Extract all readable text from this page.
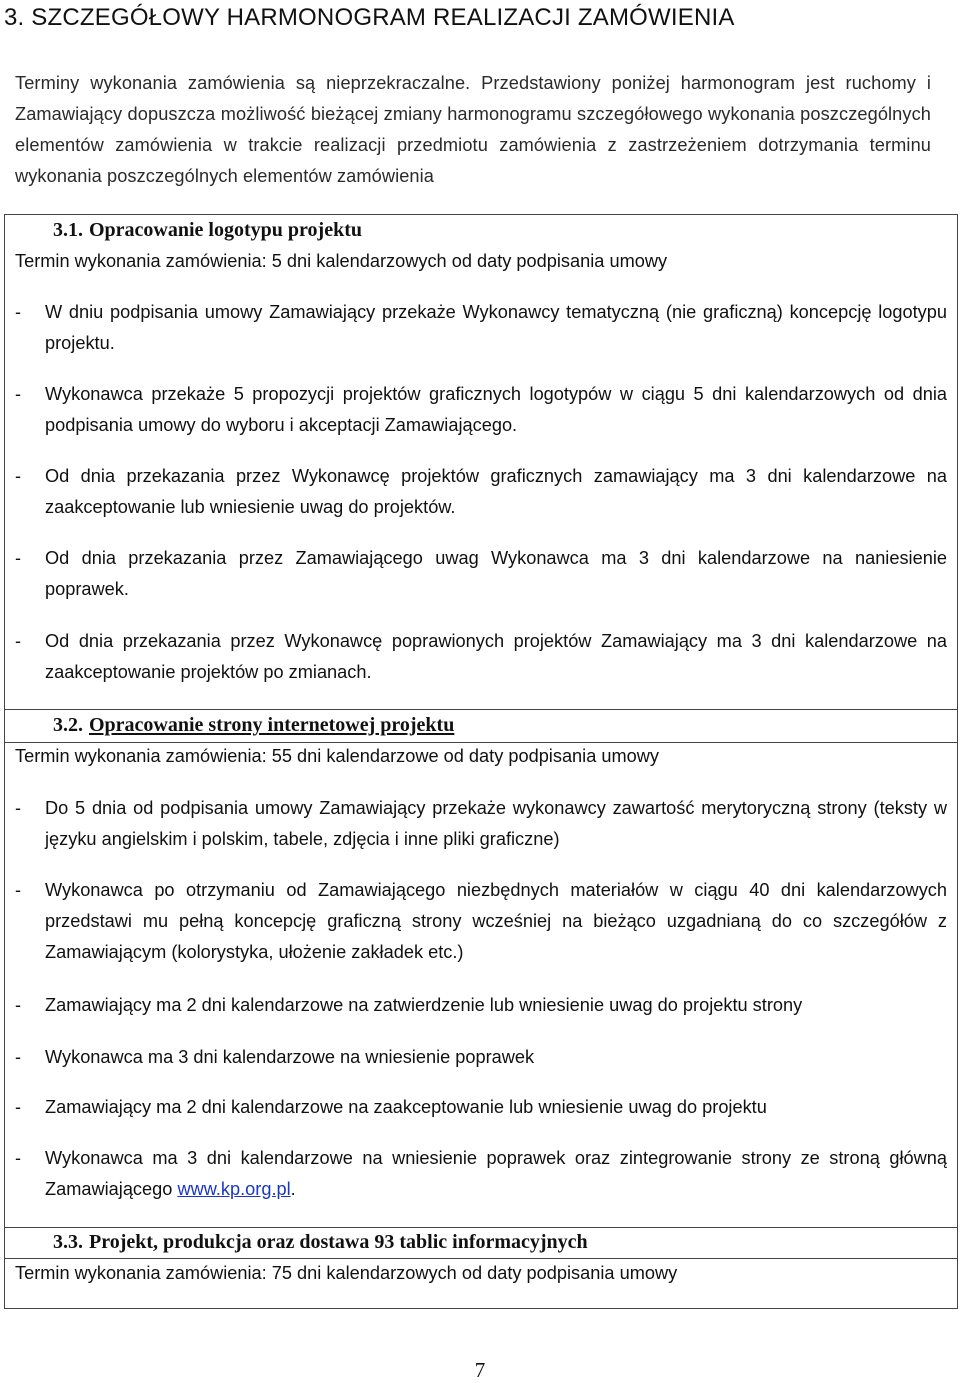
3. SZCZEGÓŁOWY HARMONOGRAM REALIZACJI ZAMÓWIENIA

Terminy wykonania zamówienia są nieprzekraczalne. Przedstawiony poniżej harmonogram jest ruchomy i Zamawiający dopuszcza możliwość bieżącej zmiany harmonogramu szczegółowego wykonania poszczególnych elementów zamówienia w trakcie realizacji przedmiotu zamówienia z zastrzeżeniem dotrzymania terminu wykonania poszczególnych elementów zamówienia

3.1. Opracowanie logotypu projektu

Termin wykonania zamówienia: 5 dni kalendarzowych od daty podpisania umowy

- W dniu podpisania umowy Zamawiający przekaże Wykonawcy tematyczną (nie graficzną) koncepcję logotypu projektu.
- Wykonawca przekaże 5 propozycji projektów graficznych logotypów w ciągu 5 dni kalendarzowych od dnia podpisania umowy do wyboru i akceptacji Zamawiającego.
- Od dnia przekazania przez Wykonawcę projektów graficznych zamawiający ma 3 dni kalendarzowe na zaakceptowanie lub wniesienie uwag do projektów.
- Od dnia przekazania przez Zamawiającego uwag Wykonawca ma 3 dni kalendarzowe na naniesienie poprawek.
- Od dnia przekazania przez Wykonawcę poprawionych projektów Zamawiający ma 3 dni kalendarzowe na zaakceptowanie projektów po zmianach.
3.2. Opracowanie strony internetowej projektu

Termin wykonania zamówienia: 55 dni kalendarzowe od daty podpisania umowy

- Do 5 dnia od podpisania umowy Zamawiający przekaże wykonawcy zawartość merytoryczną strony (teksty w języku angielskim i polskim, tabele, zdjęcia i inne pliki graficzne)
- Wykonawca po otrzymaniu od Zamawiającego niezbędnych materiałów w ciągu 40 dni kalendarzowych przedstawi mu pełną koncepcję graficzną strony wcześniej na bieżąco uzgadnianą do co szczegółów z Zamawiającym (kolorystyka, ułożenie zakładek etc.)
- Zamawiający ma 2 dni kalendarzowe na zatwierdzenie lub wniesienie uwag do projektu strony
- Wykonawca ma 3 dni kalendarzowe na wniesienie poprawek
- Zamawiający ma 2 dni kalendarzowe na zaakceptowanie lub wniesienie uwag do projektu
- Wykonawca ma 3 dni kalendarzowe na wniesienie poprawek oraz zintegrowanie strony ze stroną główną Zamawiającego www.kp.org.pl.
3.3. Projekt, produkcja oraz dostawa 93 tablic informacyjnych

Termin wykonania zamówienia: 75 dni kalendarzowych od daty podpisania umowy

7
